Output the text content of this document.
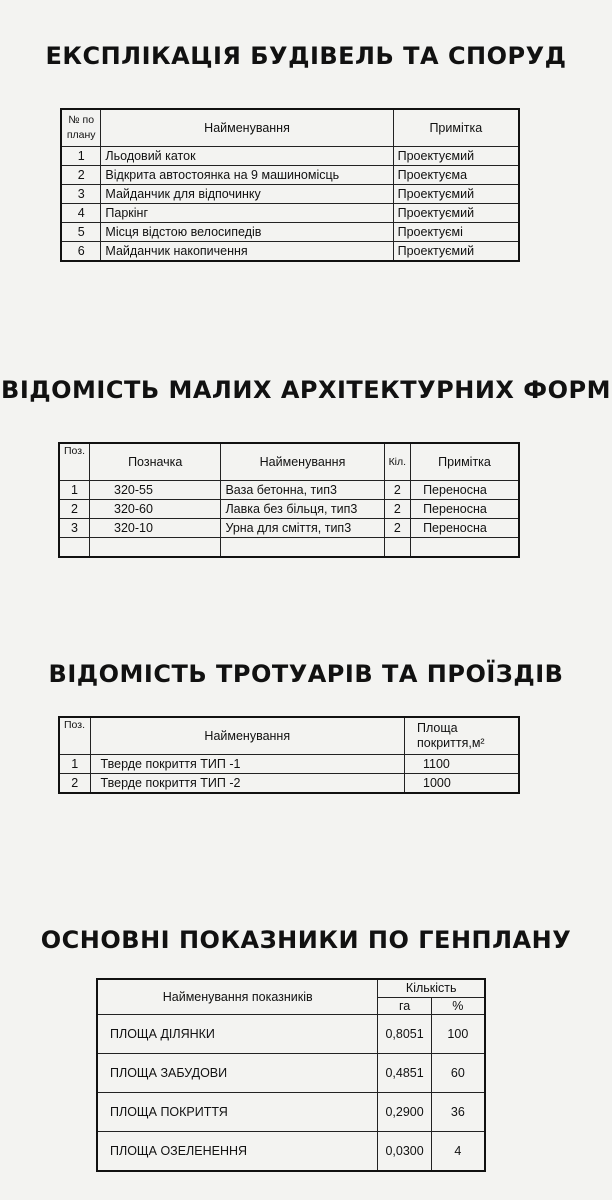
ЕКСПЛІКАЦІЯ БУДІВЕЛЬ ТА СПОРУД
№ по плану	Найменування	Примітка
1	Льодовий каток	Проектуємий
2	Відкрита автостоянка на 9 машиномісць	Проектуєма
3	Майданчик для відпочинку	Проектуємий
4	Паркінг	Проектуємий
5	Місця відстою велосипедів	Проектуємі
6	Майданчик накопичення	Проектуємий
ВІДОМІСТЬ МАЛИХ АРХІТЕКТУРНИХ ФОРМ
Поз.	Позначка	Найменування	Кіл.	Примітка
1	320-55	Ваза бетонна, тип3	2	Переносна
2	320-60	Лавка без більця, тип3	2	Переносна
3	320-10	Урна для сміття, тип3	2	Переносна

ВІДОМІСТЬ ТРОТУАРІВ ТА ПРОЇЗДІВ
Поз.	Найменування	Площа покриття,м²
1	Тверде покриття ТИП -1	1100
2	Тверде покриття ТИП -2	1000
ОСНОВНІ ПОКАЗНИКИ ПО ГЕНПЛАНУ
Найменування показників	Кількість	
	га	%
ПЛОЩА ДІЛЯНКИ	0,8051	100
ПЛОЩА ЗАБУДОВИ	0,4851	60
ПЛОЩА ПОКРИТТЯ	0,2900	36
ПЛОЩА ОЗЕЛЕНЕННЯ	0,0300	4
